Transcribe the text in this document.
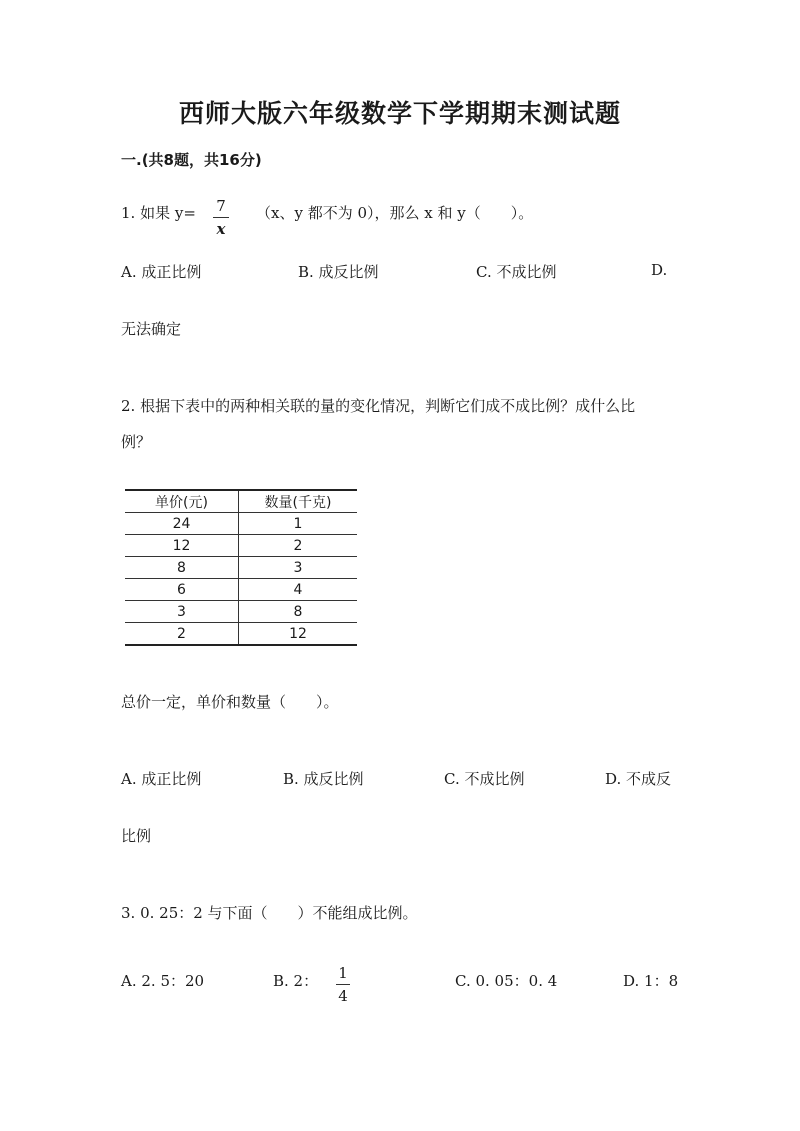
西师大版六年级数学下学期期末测试题
一.(共8题，共16分)
1. 如果 y= 7
x
（x、y 都不为 0），那么 x 和 y（　　）。
A. 成正比例	B. 成反比例	C. 不成比例	D.
无法确定
2. 根据下表中的两种相关联的量的变化情况，判断它们成不成比例？成什么比
例？
单价(元)	数量(千克)
24	1
12	2
8	3
6	4
3	8
2	12
总价一定，单价和数量（　　）。
A. 成正比例	B. 成反比例	C. 不成比例	D. 不成反
比例
3. 0. 25：2 与下面（　　）不能组成比例。
A. 2. 5：20	B. 2： 1
4
C. 0. 05：0. 4	D. 1：8
